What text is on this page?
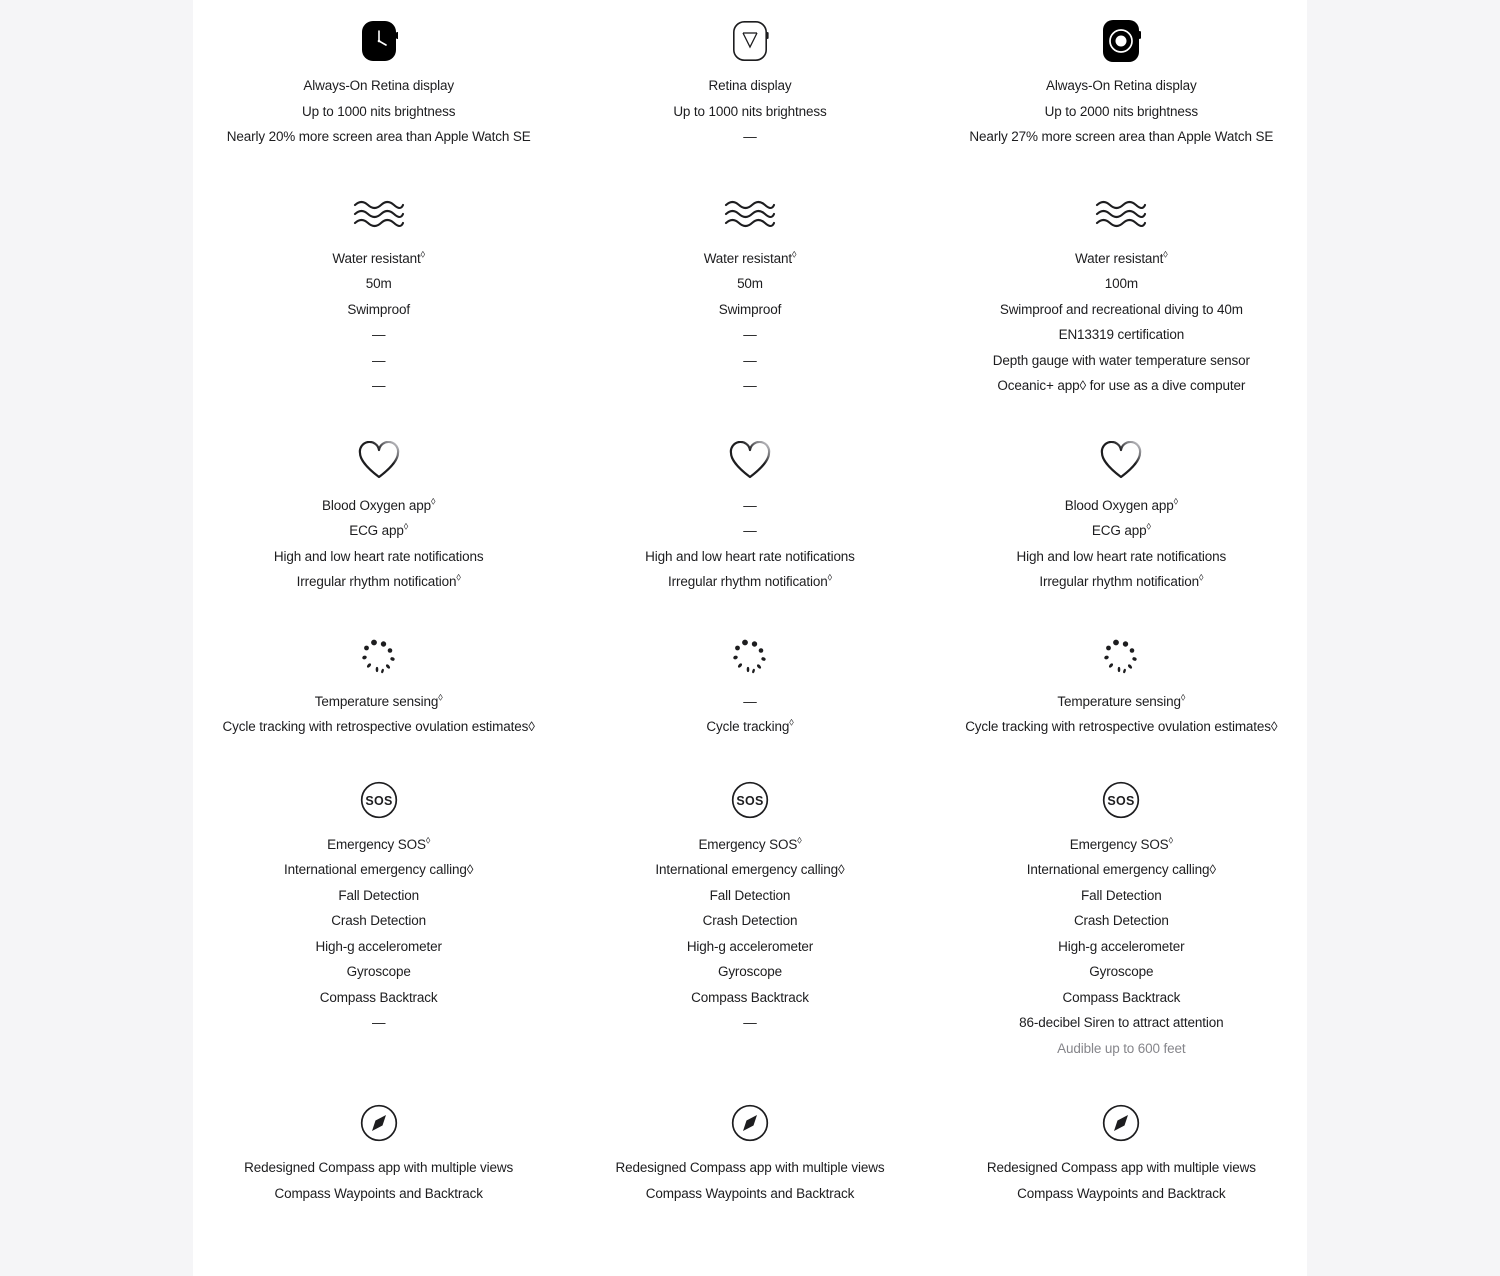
Always-On Retina display
Up to 1000 nits brightness
Nearly 20% more screen area than Apple Watch SE
Retina display
Up to 1000 nits brightness
—
Always-On Retina display
Up to 2000 nits brightness
Nearly 27% more screen area than Apple Watch SE
Water resistant◊
50m
Swimproof
—
—
—
Water resistant◊
50m
Swimproof
—
—
—
Water resistant◊
100m
Swimproof and recreational diving to 40m
EN13319 certification
Depth gauge with water temperature sensor
Oceanic+ app◊ for use as a dive computer
Blood Oxygen app◊
ECG app◊
High and low heart rate notifications
Irregular rhythm notification◊
—
—
High and low heart rate notifications
Irregular rhythm notification◊
Blood Oxygen app◊
ECG app◊
High and low heart rate notifications
Irregular rhythm notification◊
Temperature sensing◊
Cycle tracking with retrospective ovulation estimates◊
—
Cycle tracking◊
Temperature sensing◊
Cycle tracking with retrospective ovulation estimates◊
SOS
Emergency SOS◊
International emergency calling◊
Fall Detection
Crash Detection
High-g accelerometer
Gyroscope
Compass Backtrack
—
SOS
Emergency SOS◊
International emergency calling◊
Fall Detection
Crash Detection
High-g accelerometer
Gyroscope
Compass Backtrack
—
SOS
Emergency SOS◊
International emergency calling◊
Fall Detection
Crash Detection
High-g accelerometer
Gyroscope
Compass Backtrack
86-decibel Siren to attract attention
Audible up to 600 feet
Redesigned Compass app with multiple views
Compass Waypoints and Backtrack
Redesigned Compass app with multiple views
Compass Waypoints and Backtrack
Redesigned Compass app with multiple views
Compass Waypoints and Backtrack
